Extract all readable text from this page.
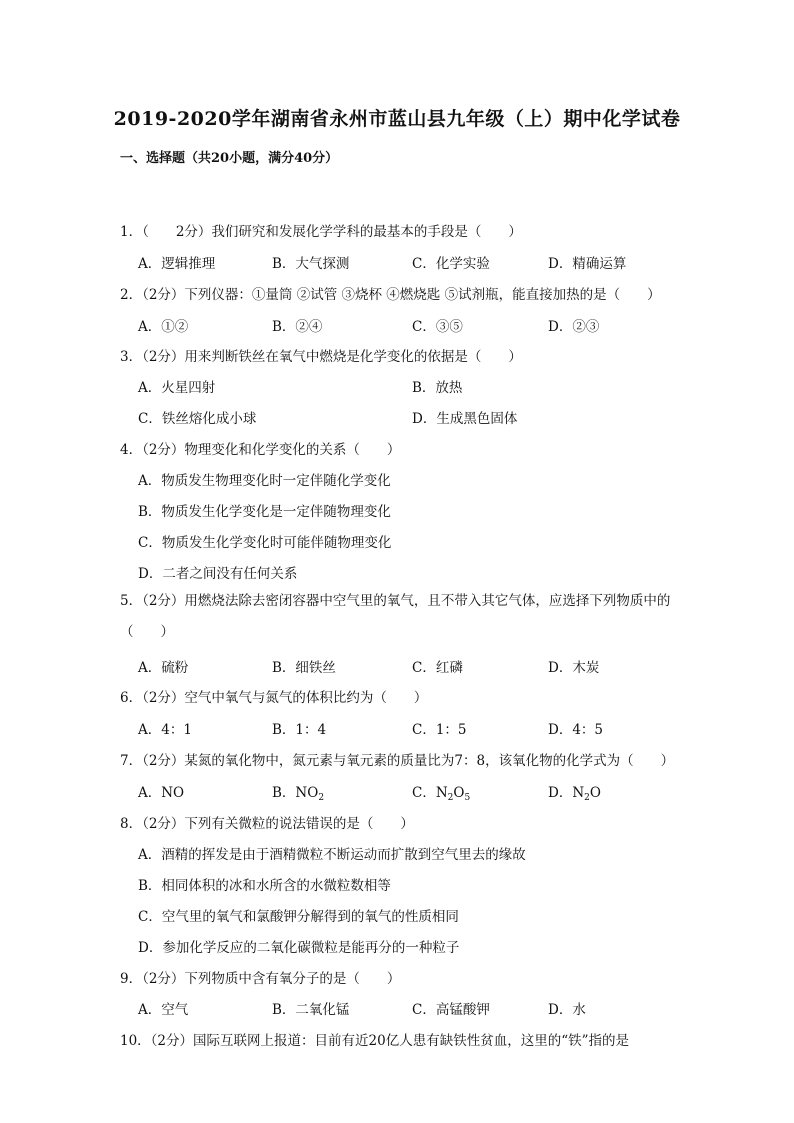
2019-2020学年湖南省永州市蓝山县九年级（上）期中化学试卷
一、选择题（共20小题，满分40分）
1．（　　2分）我们研究和发展化学学科的最基本的手段是（　　）
A．逻辑推理	B．大气探测	C．化学实验	D．精确运算
2．（2分）下列仪器：①量筒 ②试管 ③烧杯 ④燃烧匙 ⑤试剂瓶，能直接加热的是（　　）
A．①②	B．②④	C．③⑤	D．②③
3．（2分）用来判断铁丝在氧气中燃烧是化学变化的依据是（　　）
A．火星四射	B．放热
C．铁丝熔化成小球	D．生成黑色固体
4．（2分）物理变化和化学变化的关系（　　）
A．物质发生物理变化时一定伴随化学变化
B．物质发生化学变化是一定伴随物理变化
C．物质发生化学变化时可能伴随物理变化
D．二者之间没有任何关系
5．（2分）用燃烧法除去密闭容器中空气里的氧气，且不带入其它气体，应选择下列物质中的（　　）
A．硫粉	B．细铁丝	C．红磷	D．木炭
6．（2分）空气中氧气与氮气的体积比约为（　　）
A．4：1	B．1：4	C．1：5	D．4：5
7．（2分）某氮的氧化物中，氮元素与氧元素的质量比为7：8，该氧化物的化学式为（　　）
A．NO	B．$NO_2$	C．$N_2O_5$	D．$N_2O$
8．（2分）下列有关微粒的说法错误的是（　　）
A．酒精的挥发是由于酒精微粒不断运动而扩散到空气里去的缘故
B．相同体积的冰和水所含的水微粒数相等
C．空气里的氧气和氯酸钾分解得到的氧气的性质相同
D．参加化学反应的二氧化碳微粒是能再分的一种粒子
9．（2分）下列物质中含有氧分子的是（　　）
A．空气	B．二氧化锰	C．高锰酸钾	D．水
10．（2分）国际互联网上报道：目前有近20亿人患有缺铁性贫血，这里的“铁”指的是
